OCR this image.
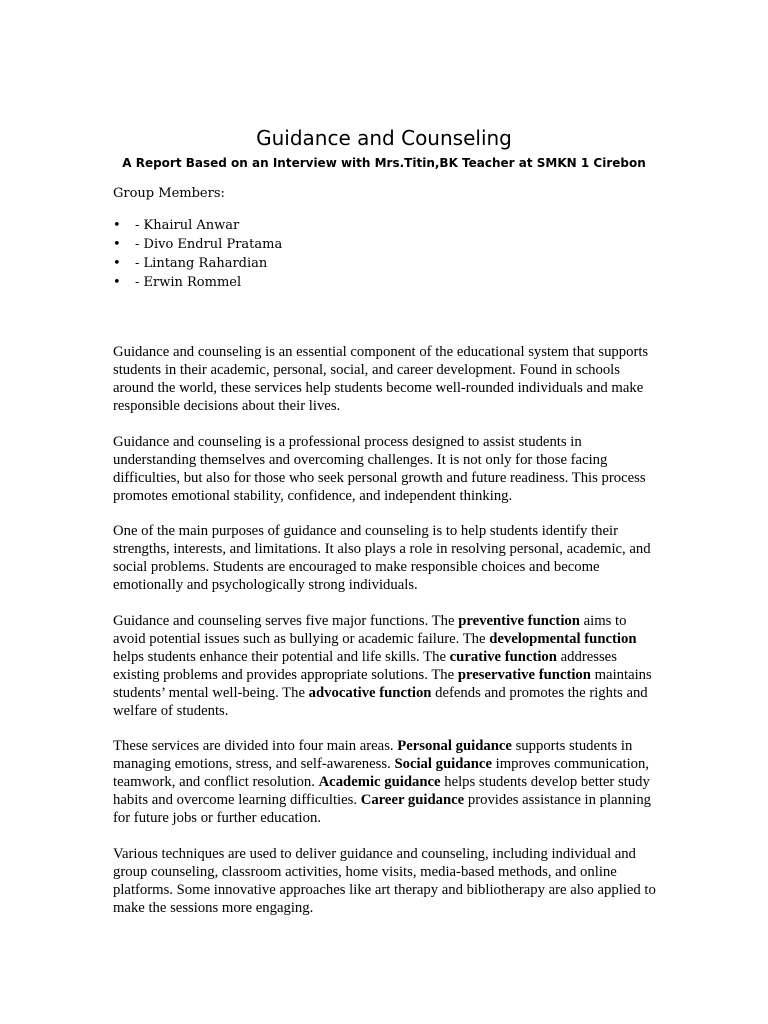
Guidance and Counseling
A Report Based on an Interview with Mrs.Titin,BK Teacher at SMKN 1 Cirebon
Group Members:
• - Khairul Anwar
• - Divo Endrul Pratama
• - Lintang Rahardian
• - Erwin Rommel

Guidance and counseling is an essential component of the educational system that supports students in their academic, personal, social, and career development. Found in schools around the world, these services help students become well-rounded individuals and make responsible decisions about their lives.

Guidance and counseling is a professional process designed to assist students in understanding themselves and overcoming challenges. It is not only for those facing difficulties, but also for those who seek personal growth and future readiness. This process promotes emotional stability, confidence, and independent thinking.

One of the main purposes of guidance and counseling is to help students identify their strengths, interests, and limitations. It also plays a role in resolving personal, academic, and social problems. Students are encouraged to make responsible choices and become emotionally and psychologically strong individuals.

Guidance and counseling serves five major functions. The preventive function aims to avoid potential issues such as bullying or academic failure. The developmental function helps students enhance their potential and life skills. The curative function addresses existing problems and provides appropriate solutions. The preservative function maintains students’ mental well-being. The advocative function defends and promotes the rights and welfare of students.

These services are divided into four main areas. Personal guidance supports students in managing emotions, stress, and self-awareness. Social guidance improves communication, teamwork, and conflict resolution. Academic guidance helps students develop better study habits and overcome learning difficulties. Career guidance provides assistance in planning for future jobs or further education.

Various techniques are used to deliver guidance and counseling, including individual and group counseling, classroom activities, home visits, media-based methods, and online platforms. Some innovative approaches like art therapy and bibliotherapy are also applied to make the sessions more engaging.
